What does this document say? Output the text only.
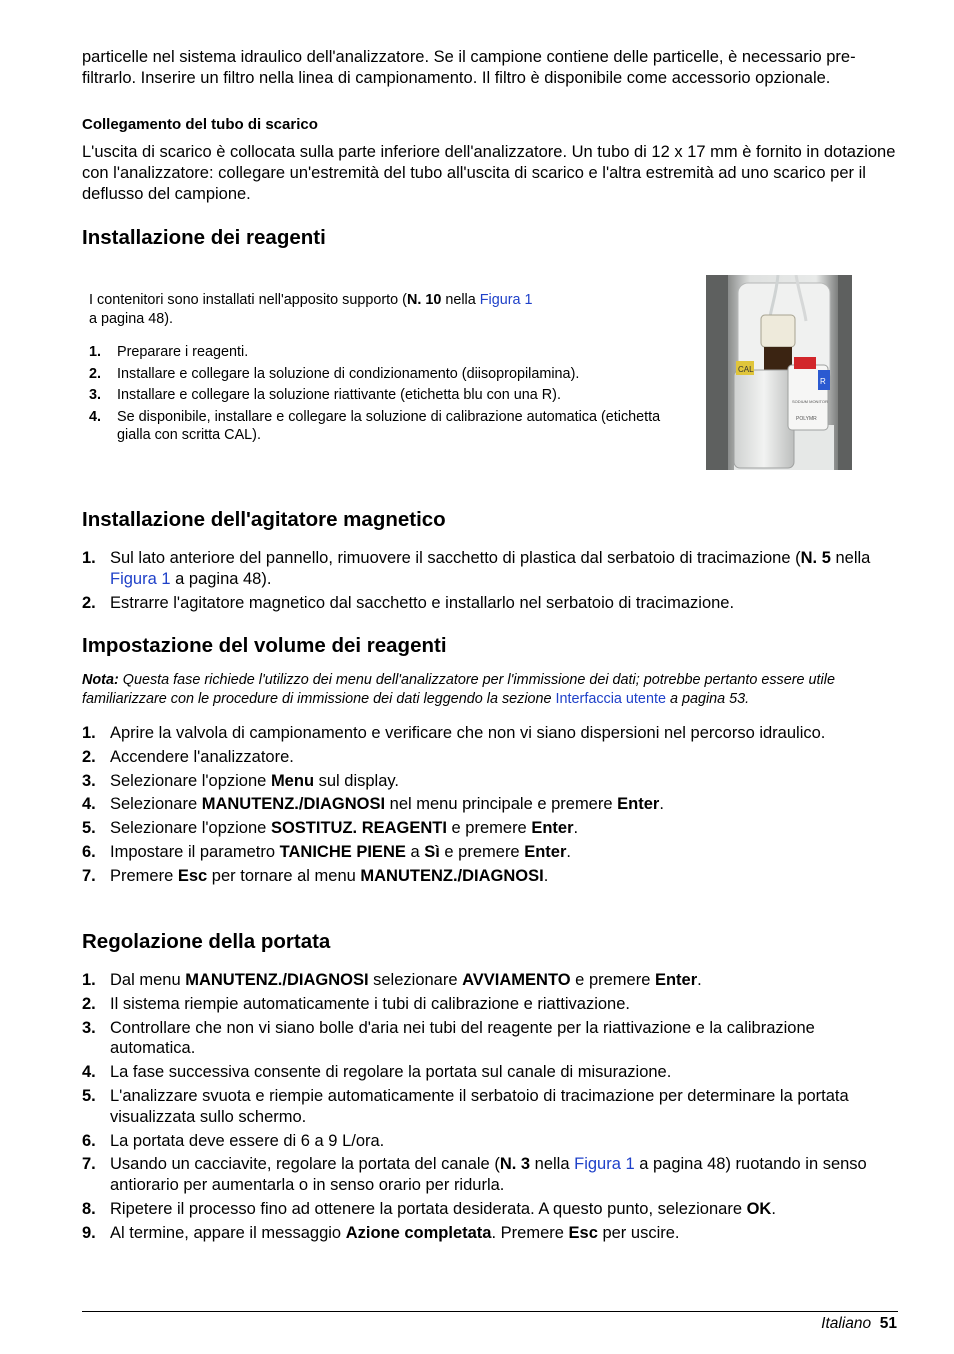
particelle nel sistema idraulico dell'analizzatore. Se il campione contiene delle particelle, è necessario pre-filtrarlo. Inserire un filtro nella linea di campionamento. Il filtro è disponibile come accessorio opzionale.
Collegamento del tubo di scarico
L'uscita di scarico è collocata sulla parte inferiore dell'analizzatore. Un tubo di 12 x 17 mm è fornito in dotazione con l'analizzatore: collegare un'estremità del tubo all'uscita di scarico e l'altra estremità ad uno scarico per il deflusso del campione.
Installazione dei reagenti
I contenitori sono installati nell'apposito supporto (N. 10 nella Figura 1
a pagina 48).
1. Preparare i reagenti.
2. Installare e collegare la soluzione di condizionamento (diisopropilamina).
3. Installare e collegare la soluzione riattivante (etichetta blu con una R).
4. Se disponibile, installare e collegare la soluzione di calibrazione automatica (etichetta gialla con scritta CAL).
CAL
R
SODIUM MONITOR
POLYMR
Installazione dell'agitatore magnetico
1. Sul lato anteriore del pannello, rimuovere il sacchetto di plastica dal serbatoio di tracimazione (N. 5 nella Figura 1 a pagina 48).
2. Estrarre l'agitatore magnetico dal sacchetto e installarlo nel serbatoio di tracimazione.
Impostazione del volume dei reagenti
Nota: Questa fase richiede l'utilizzo dei menu dell'analizzatore per l'immissione dei dati; potrebbe pertanto essere utile familiarizzare con le procedure di immissione dei dati leggendo la sezione Interfaccia utente a pagina 53.
1. Aprire la valvola di campionamento e verificare che non vi siano dispersioni nel percorso idraulico.
2. Accendere l'analizzatore.
3. Selezionare l'opzione Menu sul display.
4. Selezionare MANUTENZ./DIAGNOSI nel menu principale e premere Enter.
5. Selezionare l'opzione SOSTITUZ. REAGENTI e premere Enter.
6. Impostare il parametro TANICHE PIENE a Sì e premere Enter.
7. Premere Esc per tornare al menu MANUTENZ./DIAGNOSI.
Regolazione della portata
1. Dal menu MANUTENZ./DIAGNOSI selezionare AVVIAMENTO e premere Enter.
2. Il sistema riempie automaticamente i tubi di calibrazione e riattivazione.
3. Controllare che non vi siano bolle d'aria nei tubi del reagente per la riattivazione e la calibrazione automatica.
4. La fase successiva consente di regolare la portata sul canale di misurazione.
5. L'analizzare svuota e riempie automaticamente il serbatoio di tracimazione per determinare la portata visualizzata sullo schermo.
6. La portata deve essere di 6 a 9 L/ora.
7. Usando un cacciavite, regolare la portata del canale (N. 3 nella Figura 1 a pagina 48) ruotando in senso antiorario per aumentarla o in senso orario per ridurla.
8. Ripetere il processo fino ad ottenere la portata desiderata. A questo punto, selezionare OK.
9. Al termine, appare il messaggio Azione completata. Premere Esc per uscire.
Italiano 51
